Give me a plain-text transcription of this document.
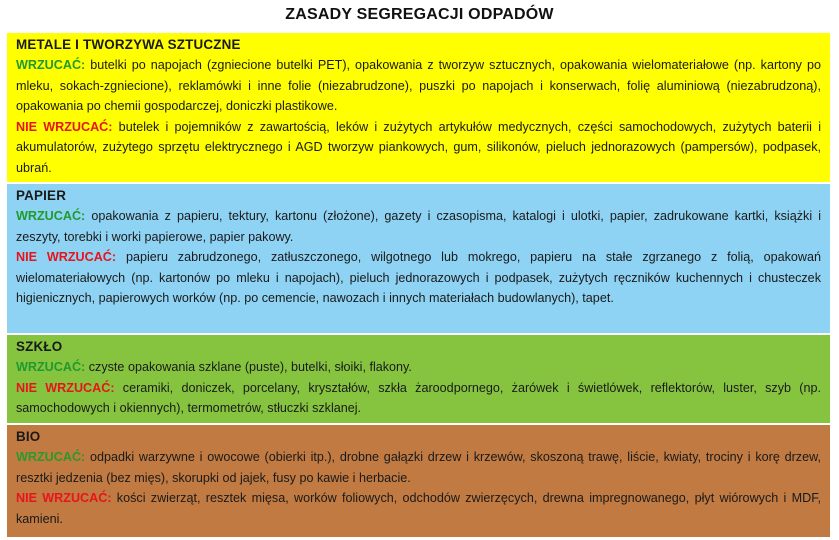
ZASADY SEGREGACJI ODPADÓW
METALE I TWORZYWA SZTUCZNE

WRZUCAĆ: butelki po napojach (zgniecione butelki PET), opakowania z tworzyw sztucznych, opakowania wielomateriałowe (np. kartony po mleku, sokach-zgniecione), reklamówki i inne folie (niezabrudzone), puszki po napojach i konserwach, folię aluminiową (niezabrudzoną), opakowania po chemii gospodarczej, doniczki plastikowe.

NIE WRZUCAĆ: butelek i pojemników z zawartością, leków i zużytych artykułów medycznych, części samochodowych, zużytych baterii i akumulatorów, zużytego sprzętu elektrycznego i AGD tworzyw piankowych, gum, silikonów, pieluch jednorazowych (pampersów), podpasek, ubrań.

PAPIER

WRZUCAĆ: opakowania z papieru, tektury, kartonu (złożone), gazety i czasopisma, katalogi i ulotki, papier, zadrukowane kartki, książki i zeszyty, torebki i worki papierowe, papier pakowy.

NIE WRZUCAĆ: papieru zabrudzonego, zatłuszczonego, wilgotnego lub mokrego, papieru na stałe zgrzanego z folią, opakowań wielomateriałowych (np. kartonów po mleku i napojach), pieluch jednorazowych i podpasek, zużytych ręczników kuchennych i chusteczek higienicznych, papierowych worków (np. po cemencie, nawozach i innych materiałach budowlanych), tapet.

SZKŁO

WRZUCAĆ: czyste opakowania szklane (puste), butelki, słoiki, flakony.

NIE WRZUCAĆ: ceramiki, doniczek, porcelany, kryształów, szkła żaroodpornego, żarówek i świetlówek, reflektorów, luster, szyb (np. samochodowych i okiennych), termometrów, stłuczki szklanej.

BIO

WRZUCAĆ: odpadki warzywne i owocowe (obierki itp.), drobne gałązki drzew i krzewów, skoszoną trawę, liście, kwiaty, trociny i korę drzew, resztki jedzenia (bez mięs), skorupki od jajek, fusy po kawie i herbacie.

NIE WRZUCAĆ: kości zwierząt, resztek mięsa, worków foliowych, odchodów zwierzęcych, drewna impregnowanego, płyt wiórowych i MDF, kamieni.
